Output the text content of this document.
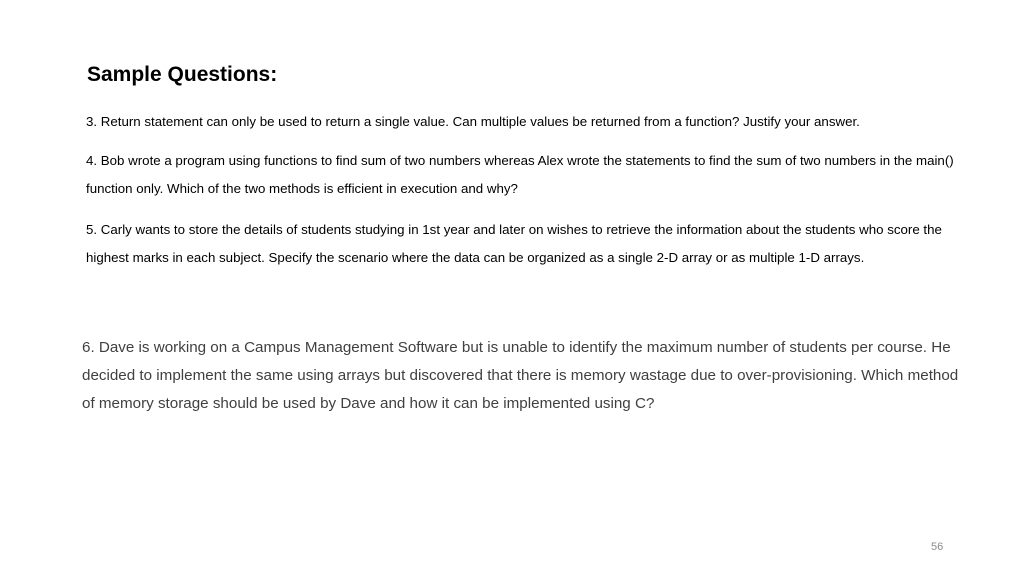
Sample Questions:
3. Return statement can only be used to return a single value. Can multiple values be returned from a function? Justify your answer.
4. Bob wrote a program using functions to find sum of two numbers whereas Alex wrote the statements to find the sum of two numbers in the main() function only. Which of the two methods is efficient in execution and why?
5. Carly wants to store the details of students studying in 1st year and later on wishes to retrieve the information about the students who score the highest marks in each subject. Specify the scenario where the data can be organized as a single 2-D array or as multiple 1-D arrays.
6. Dave is working on a Campus Management Software but is unable to identify the maximum number of students per course. He decided to implement the same using arrays but discovered that there is memory wastage due to over-provisioning. Which method of memory storage should be used by Dave and how it can be implemented using C?
56
